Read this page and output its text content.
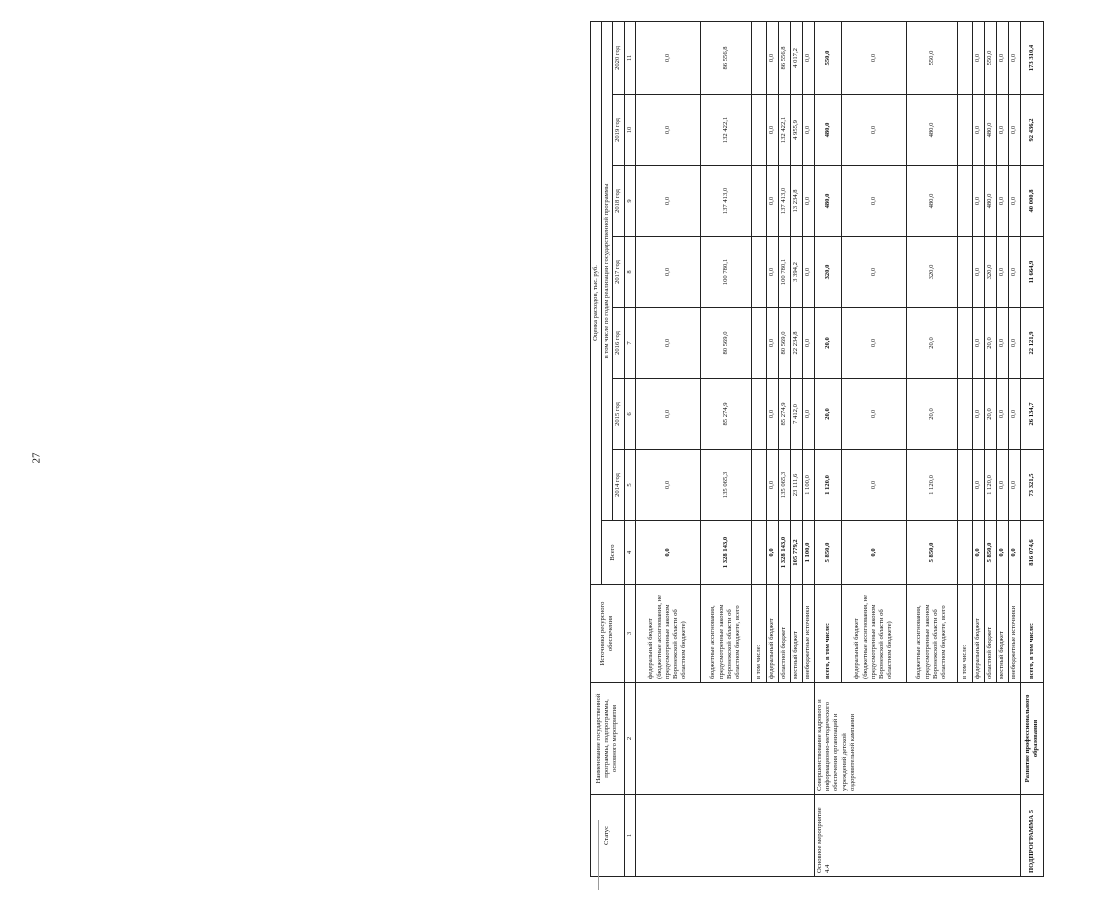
27
Статус	Наименование государственной программы, подпрограммы, основного мероприятия	Источники ресурсного обеспечения	Оценка расходов, тыс. руб.							
			Всего	в том числе по годам реализации государственной программы						
				2014 год	2015 год	2016 год	2017 год	2018 год	2019 год	2020 год
1	2	3	4	5	6	7	8	9	10	11
		федеральный бюджет (бюджетные ассигнования, не предусмотренные законом Воронежской области об областном бюджете)	0,0	0,0	0,0	0,0	0,0	0,0	0,0	0,0
		бюджетные ассигнования, предусмотренные законом Воронежской области об областном бюджете, всего	1 328 143,0	135 065,3	85 274,9	80 569,0	100 780,1	137 413,0	132 422,1	86 556,8
		в том числе:								
		федеральный бюджет	0,0	0,0	0,0	0,0	0,0	0,0	0,0	0,0
		областной бюджет	1 328 143,0	135 065,3	85 274,9	80 569,0	100 780,1	137 413,0	132 422,1	86 556,8
		местный бюджет	105 779,2	23 111,6	7 412,0	22 234,8	3 394,2	13 234,8	4 955,9	4 017,2
		внебюджетные источники	1 100,0	1 100,0	0,0	0,0	0,0	0,0	0,0	0,0
Основное мероприятие 4.4	Совершенствование кадрового и информационно-методического обеспечения организаций и учреждений детской оздоровительной кампании	всего, в том числе:	5 850,0	1 120,0	20,0	20,0	320,0	480,0	480,0	550,0
		федеральный бюджет (бюджетные ассигнования, не предусмотренные законом Воронежской области об областном бюджете)	0,0	0,0	0,0	0,0	0,0	0,0	0,0	0,0
		бюджетные ассигнования, предусмотренные законом Воронежской области об областном бюджете, всего	5 850,0	1 120,0	20,0	20,0	320,0	480,0	480,0	550,0
		в том числе:								
		федеральный бюджет	0,0	0,0	0,0	0,0	0,0	0,0	0,0	0,0
		областной бюджет	5 850,0	1 120,0	20,0	20,0	320,0	480,0	480,0	550,0
		местный бюджет	0,0	0,0	0,0	0,0	0,0	0,0	0,0	0,0
		внебюджетные источники	0,0	0,0	0,0	0,0	0,0	0,0	0,0	0,0
ПОДПРОГРАММА 5	Развитие профессионального образования	всего, в том числе:	816 074,6	73 321,5	26 134,7	22 121,9	11 664,9	40 000,8	92 436,2	173 310,4
